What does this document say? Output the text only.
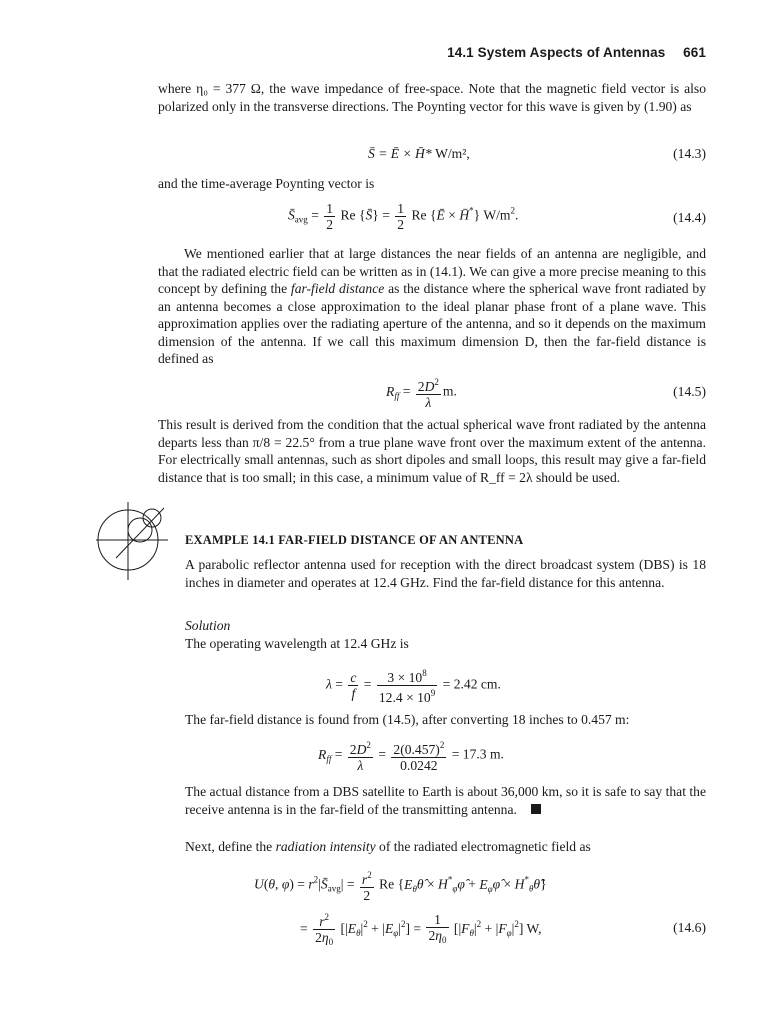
14.1 System Aspects of Antennas 661
where η₀ = 377 Ω, the wave impedance of free-space. Note that the magnetic field vector is also polarized only in the transverse directions. The Poynting vector for this wave is given by (1.90) as
S̄ = Ē × H̄* W/m²,	(14.3)
and the time-average Poynting vector is
$S̄_{avg} = \frac{1}{2}$ Re {S̄} = $\frac{1}{2}$ Re {Ē × H̄*} $W/m^2$.	(14.4)
We mentioned earlier that at large distances the near fields of an antenna are negligible, and that the radiated electric field can be written as in (14.1). We can give a more precise meaning to this concept by defining the far-field distance as the distance where the spherical wave front radiated by an antenna becomes a close approximation to the ideal planar phase front of a plane wave. This approximation applies over the radiating aperture of the antenna, and so it depends on the maximum dimension of the antenna. If we call this maximum dimension D, then the far-field distance is defined as
$R_{ff} = \frac{2D^2}{\lambda} m$.	(14.5)
This result is derived from the condition that the actual spherical wave front radiated by the antenna departs less than π/8 = 22.5° from a true plane wave front over the maximum extent of the antenna. For electrically small antennas, such as short dipoles and small loops, this result may give a far-field distance that is too small; in this case, a minimum value of R_ff = 2λ should be used.
EXAMPLE 14.1 FAR-FIELD DISTANCE OF AN ANTENNA
A parabolic reflector antenna used for reception with the direct broadcast system (DBS) is 18 inches in diameter and operates at 12.4 GHz. Find the far-field distance for this antenna.
Solution
The operating wavelength at 12.4 GHz is
$\lambda = \frac{c}{f} = \frac{3 \times 10^8}{12.4 \times 10^9} = 2.42$ cm.
The far-field distance is found from (14.5), after converting 18 inches to 0.457 m:
$R_{ff} = \frac{2D^2}{\lambda} = \frac{2(0.457)^2}{0.0242} = 17.3$ m.
The actual distance from a DBS satellite to Earth is about 36,000 km, so it is safe to say that the receive antenna is in the far-field of the transmitting antenna.
Next, define the radiation intensity of the radiated electromagnetic field as
U(θ, $\varphi) = r^2|S̄_{avg}| = \frac{r^2}{2}$ Re {$E_\theta\thetâ$ × $H^*_\varphi\varphî$ + $E_\varphi\varphî$ × $H^*_\theta\thetâ$}
= $\frac{r^2}{2\eta_0} [|E_\theta|^2 + |E_\varphi|^2] = \frac{1}{2\eta_0} [|F_\theta|^2 + |F_\varphi|^2]$ W,	(14.6)
